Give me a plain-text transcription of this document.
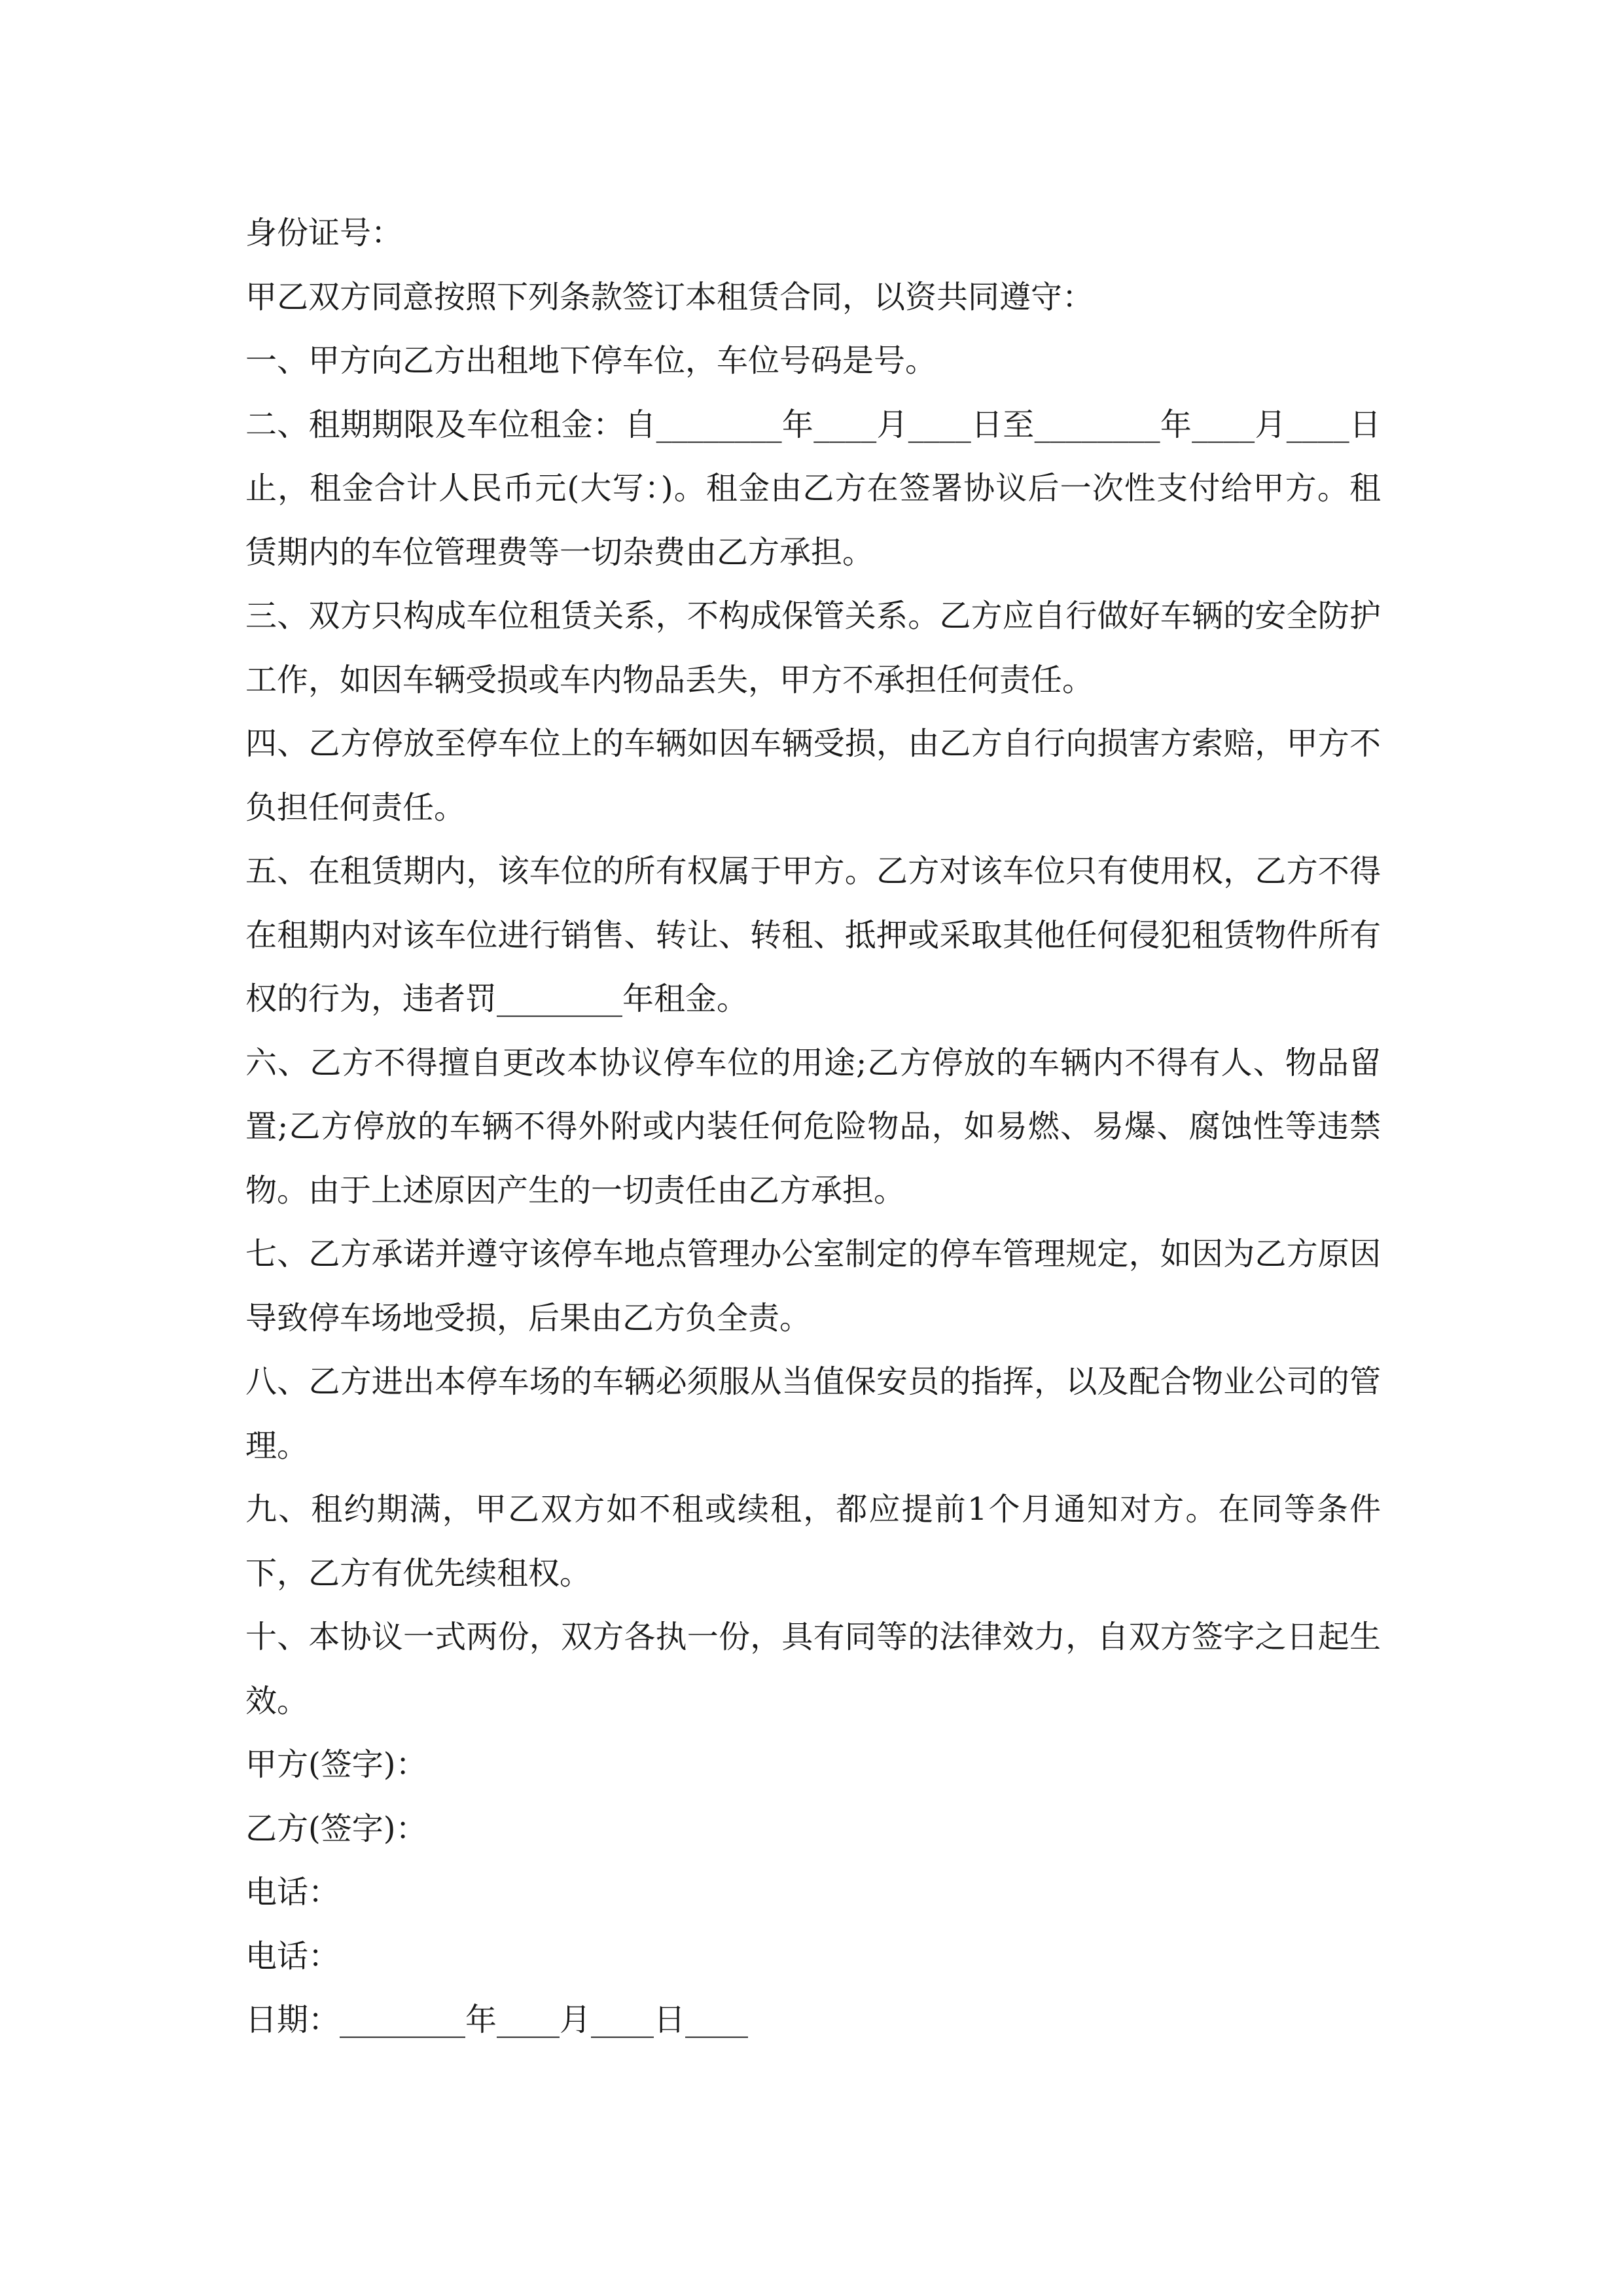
身份证号：

甲乙双方同意按照下列条款签订本租赁合同，以资共同遵守：

一、甲方向乙方出租地下停车位，车位号码是号。

二、租期期限及车位租金：自________年____月____日至________年____月____日止，租金合计人民币元(大写：)。租金由乙方在签署协议后一次性支付给甲方。租赁期内的车位管理费等一切杂费由乙方承担。

三、双方只构成车位租赁关系，不构成保管关系。乙方应自行做好车辆的安全防护工作，如因车辆受损或车内物品丢失，甲方不承担任何责任。

四、乙方停放至停车位上的车辆如因车辆受损，由乙方自行向损害方索赔，甲方不负担任何责任。

五、在租赁期内，该车位的所有权属于甲方。乙方对该车位只有使用权，乙方不得在租期内对该车位进行销售、转让、转租、抵押或采取其他任何侵犯租赁物件所有权的行为，违者罚________年租金。

六、乙方不得擅自更改本协议停车位的用途;乙方停放的车辆内不得有人、物品留置;乙方停放的车辆不得外附或内装任何危险物品，如易燃、易爆、腐蚀性等违禁物。由于上述原因产生的一切责任由乙方承担。

七、乙方承诺并遵守该停车地点管理办公室制定的停车管理规定，如因为乙方原因导致停车场地受损，后果由乙方负全责。

八、乙方进出本停车场的车辆必须服从当值保安员的指挥，以及配合物业公司的管理。

九、租约期满，甲乙双方如不租或续租，都应提前1个月通知对方。在同等条件下，乙方有优先续租权。

十、本协议一式两份，双方各执一份，具有同等的法律效力，自双方签字之日起生效。

甲方(签字)：

乙方(签字)：

电话：

电话：

日期：________年____月____日____
